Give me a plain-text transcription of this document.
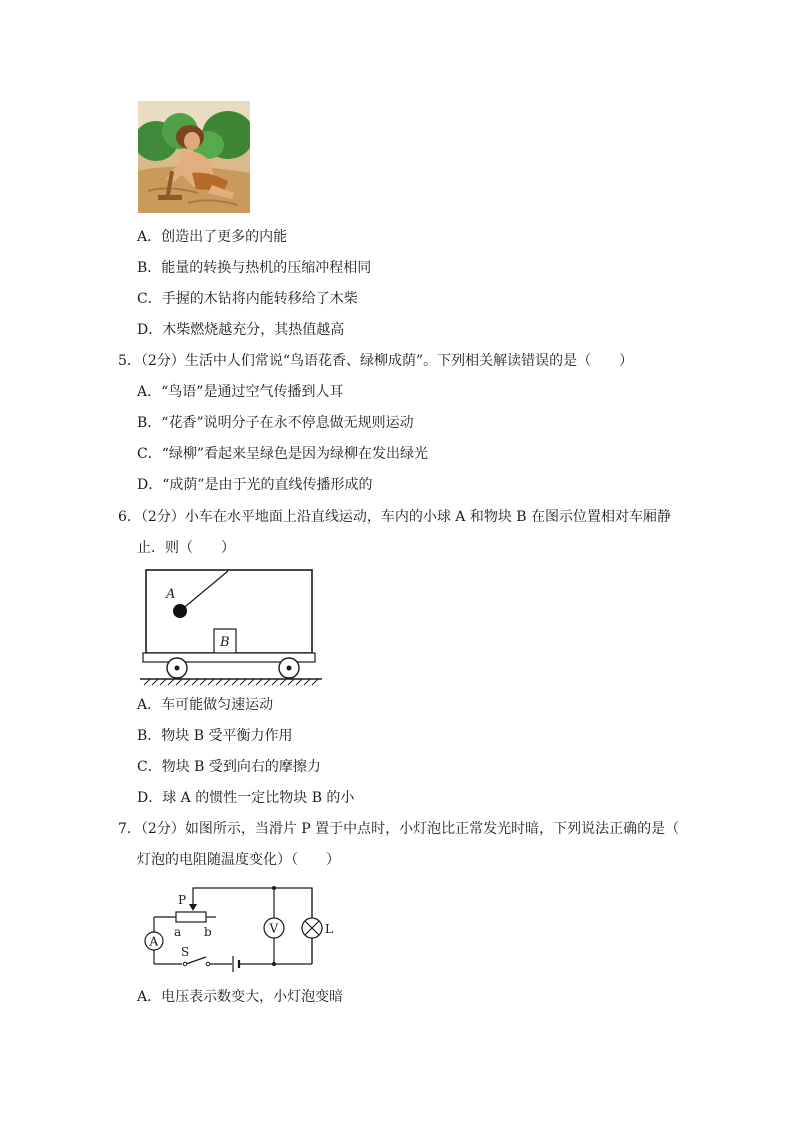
A．创造出了更多的内能
B．能量的转换与热机的压缩冲程相同
C．手握的木钻将内能转移给了木柴
D．木柴燃烧越充分，其热值越高
5．（2分）生活中人们常说“鸟语花香、绿柳成荫”。下列相关解读错误的是（　　）
A．“鸟语”是通过空气传播到人耳
B．“花香”说明分子在永不停息做无规则运动
C．“绿柳”看起来呈绿色是因为绿柳在发出绿光
D．“成荫”是由于光的直线传播形成的
6．（2分）小车在水平地面上沿直线运动，车内的小球 A 和物块 B 在图示位置相对车厢静
止．则（　　）
A
B
A．车可能做匀速运动
B．物块 B 受平衡力作用
C．物块 B 受到向右的摩擦力
D．球 A 的惯性一定比物块 B 的小
7．（2分）如图所示，当滑片 P 置于中点时，小灯泡比正常发光时暗，下列说法正确的是（
灯泡的电阻随温度变化）（　　）
P
a b
A
V	L
S
A．电压表示数变大，小灯泡变暗
